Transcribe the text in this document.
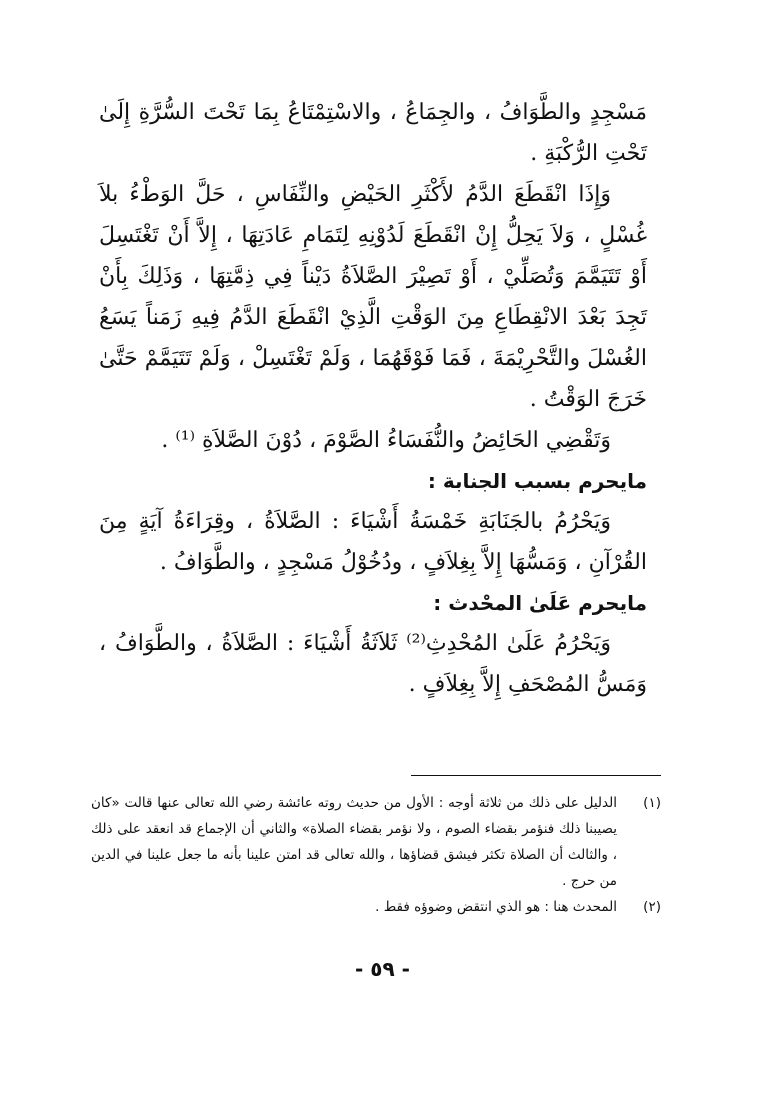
مَسْجِدٍ والطَّوَافُ ، والجِمَاعُ ، والاسْتِمْتَاعُ بِمَا تَحْتَ السُّرَّةِ إِلَىٰ تَحْتِ الرُّكْبَةِ .

وَإِذَا انْقَطَعَ الدَّمُ لأَكْثَرِ الحَيْضِ والنِّفَاسِ ، حَلَّ الوَطْءُ بلاَ غُسْلٍ ، وَلاَ يَحِلُّ إِنْ انْقَطَعَ لَدُوْنِهِ لِتَمَامِ عَادَتِهَا ، إِلاَّ أَنْ تَغْتَسِلَ أَوْ تَتَيَمَّمَ وَتُصَلِّيْ ، أَوْ تَصِيْرَ الصَّلاَةُ دَيْناً فِي ذِمَّتِهَا ، وَذَلِكَ بِأَنْ تَجِدَ بَعْدَ الانْقِطَاعِ مِنَ الوَقْتِ الَّذِيْ انْقَطَعَ الدَّمُ فِيهِ زَمَناً يَسَعُ الغُسْلَ والتَّحْرِيْمَةَ ، فَمَا فَوْقَهُمَا ، وَلَمْ تَغْتَسِلْ ، وَلَمْ تَتَيَمَّمْ حَتَّىٰ خَرَجَ الوَقْتُ .

وَتَقْضِي الحَائِضُ والنُّفَسَاءُ الصَّوْمَ ، دُوْنَ الصَّلاَةِ ⁽¹⁾ .

مايحرم بسبب الجنابة :

وَيَحْرُمُ بالجَنَابَةِ خَمْسَةُ أَشْيَاءَ : الصَّلاَةُ ، وقِرَاءَةُ آيَةٍ مِنَ القُرْآنِ ، وَمَسُّهَا إِلاَّ بِغِلاَفٍ ، ودُخُوْلُ مَسْجِدٍ ، والطَّوَافُ .

مايحرم عَلَىٰ المحْدث :

وَيَحْرُمُ عَلَىٰ المُحْدِثِ⁽²⁾ ثَلاَثَةُ أَشْيَاءَ : الصَّلاَةُ ، والطَّوَافُ ، وَمَسُّ المُصْحَفِ إِلاَّ بِغِلاَفٍ .

(١)
الدليل على ذلك من ثلاثة أوجه : الأول من حديث روته عائشة رضي الله تعالى عنها قالت «كان يصيبنا ذلك فنؤمر بقضاء الصوم ، ولا نؤمر بقضاء الصلاة» والثاني أن الإجماع قد انعقد على ذلك ، والثالث أن الصلاة تكثر فيشق قضاؤها ، والله تعالى قد امتن علينا بأنه ما جعل علينا في الدين من حرج .
(٢)
المحدث هنا : هو الذي انتقض وضوؤه فقط .
- ٥٩ -
